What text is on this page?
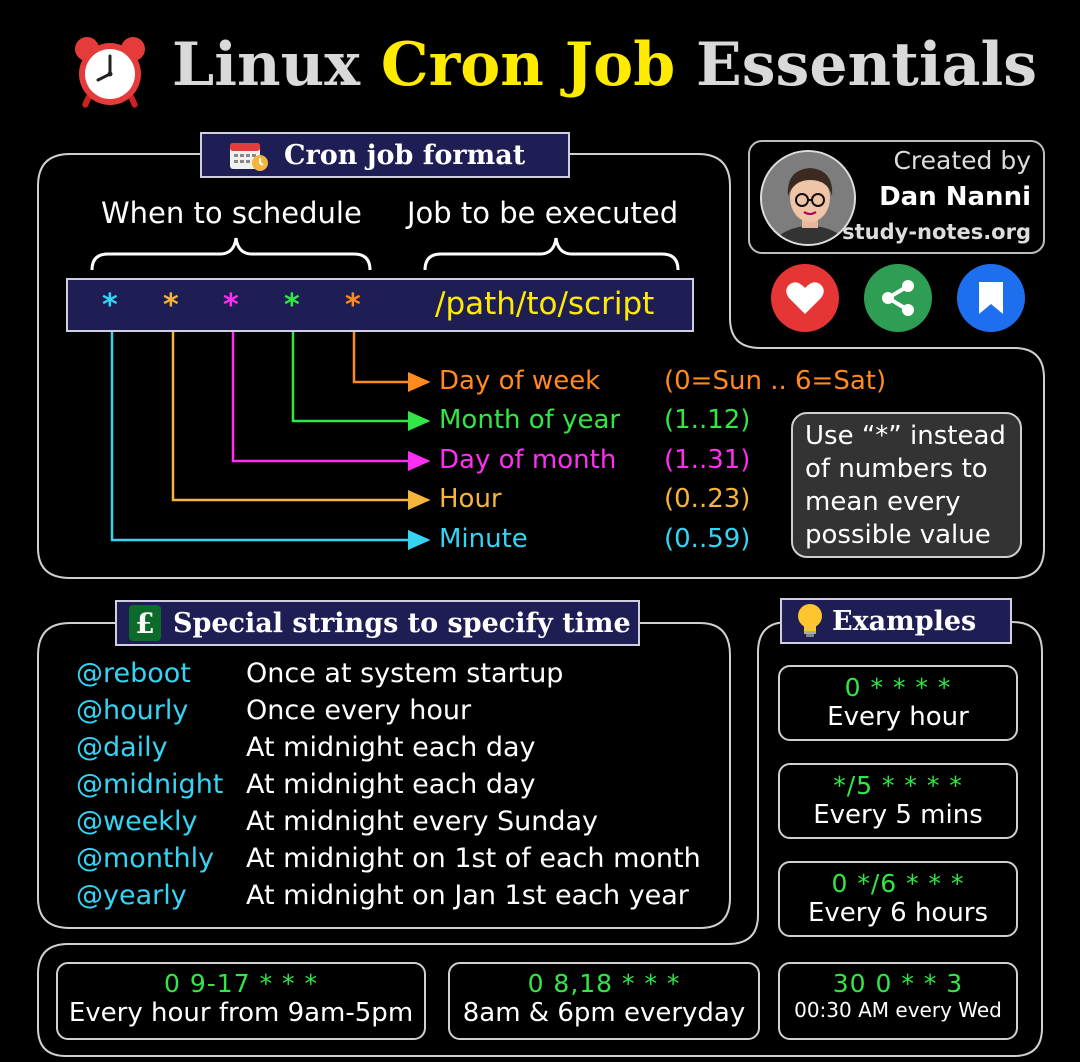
Linux Cron Job Essentials
Cron job format
When to schedule Job to be executed
* * * * * /path/to/script
Day of week (0=Sun .. 6=Sat)
Month of year (1..12)
Day of month (1..31)
Hour	(0..23)
Minute	(0..59)
Use “*” instead of numbers to mean every possible value
Created by
Dan Nanni
study-notes.org
£ Special strings to specify time
@reboot Once at system startup
@hourly Once every hour
@daily	At midnight each day
@midnight At midnight each day
@weekly At midnight every Sunday
@monthly At midnight on 1st of each month
@yearly At midnight on Jan 1st each year
Examples
0 * * * *
Every hour
*/5 * * * *
Every 5 mins
0 */6 * * *
Every 6 hours
0 9-17 * * *
Every hour from 9am-5pm
0 8,18 * * *
8am & 6pm everyday
30 0 * * 3
00:30 AM every Wed
